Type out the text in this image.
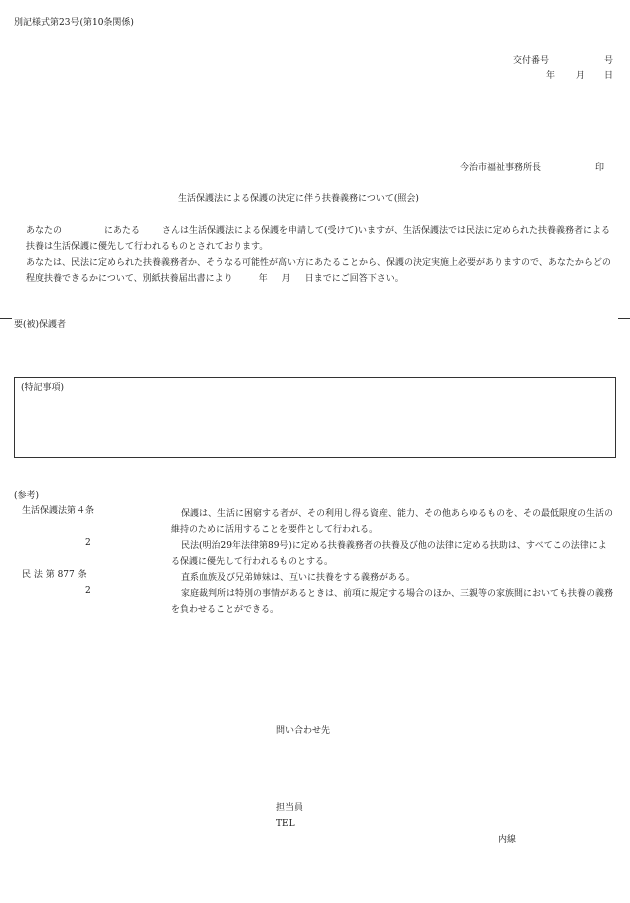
別記様式第23号(第10条関係)
交付番号	号
年 月 日
今治市福祉事務所長	印
生活保護法による保護の決定に伴う扶養義務について(照会)

あなたの	にあたる さんは生活保護法による保護を申請して(受けて)いますが、生活保護法では民法に定められた扶養義務者による扶養は生活保護に優先して行われるものとされております。

あなたは、民法に定められた扶養義務者か、そうなる可能性が高い方にあたることから、保護の決定実施上必要がありますので、あなたからどの程度扶養できるかについて、別紙扶養届出書により	年 月 日までにご回答下さい。

要(被)保護者
(特記事項)
(参考)
生活保護法第４条	保護は、生活に困窮する者が、その利用し得る資産、能力、その他あらゆるものを、その最低限度の生活の維持のために活用することを要件として行われる。

2	民法(明治29年法律第89号)に定める扶養義務者の扶養及び他の法律に定める扶助は、すべてこの法律による保護に優先して行われるものとする。

民 法 第 877 条	直系血族及び兄弟姉妹は、互いに扶養をする義務がある。

2	家庭裁判所は特別の事情があるときは、前項に規定する場合のほか、三親等の家族間においても扶養の義務を負わせることができる。

問い合わせ先
担当員
TEL
内線
